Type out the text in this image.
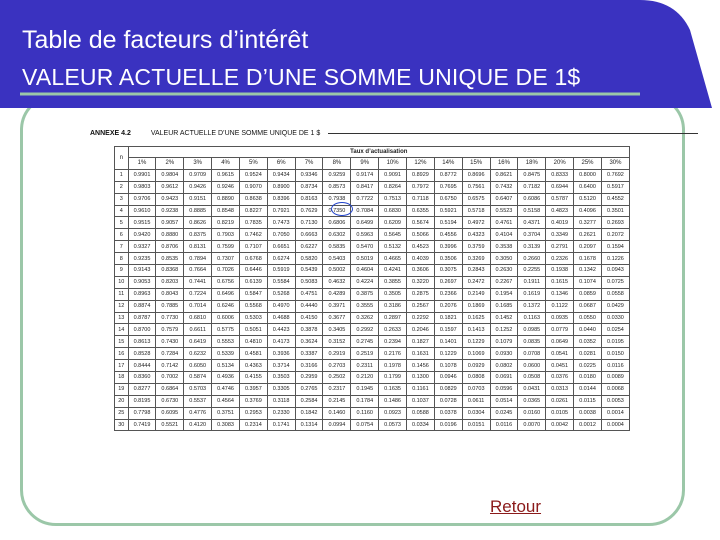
Table de facteurs d’intérêt
VALEUR ACTUELLE D’UNE SOMME UNIQUE DE 1$
ANNEXE 4.2	VALEUR ACTUELLE D’UNE SOMME UNIQUE DE 1 $
n	Taux d’actualisation																	
	1%	2%	3%	4%	5%	6%	7%	8%	9%	10%	12%	14%	15%	16%	18%	20%	25%	30%
1	0.9901	0.9804	0.9709	0.9615	0.9524	0.9434	0.9346	0.9259	0.9174	0.9091	0.8929	0.8772	0.8696	0.8621	0.8475	0.8333	0.8000	0.7692
2	0.9803	0.9612	0.9426	0.9246	0.9070	0.8900	0.8734	0.8573	0.8417	0.8264	0.7972	0.7695	0.7561	0.7432	0.7182	0.6944	0.6400	0.5917
3	0.9706	0.9423	0.9151	0.8890	0.8638	0.8396	0.8163	0.7938	0.7722	0.7513	0.7118	0.6750	0.6575	0.6407	0.6086	0.5787	0.5120	0.4552
4	0.9610	0.9238	0.8885	0.8548	0.8227	0.7921	0.7629	0.7350	0.7084	0.6830	0.6355	0.5921	0.5718	0.5523	0.5158	0.4823	0.4096	0.3501
5	0.9515	0.9057	0.8626	0.8219	0.7835	0.7473	0.7130	0.6806	0.6499	0.6209	0.5674	0.5194	0.4972	0.4761	0.4371	0.4019	0.3277	0.2693
6	0.9420	0.8880	0.8375	0.7903	0.7462	0.7050	0.6663	0.6302	0.5963	0.5645	0.5066	0.4556	0.4323	0.4104	0.3704	0.3349	0.2621	0.2072
7	0.9327	0.8706	0.8131	0.7599	0.7107	0.6651	0.6227	0.5835	0.5470	0.5132	0.4523	0.3996	0.3759	0.3538	0.3139	0.2791	0.2097	0.1594
8	0.9235	0.8535	0.7894	0.7307	0.6768	0.6274	0.5820	0.5403	0.5019	0.4665	0.4039	0.3506	0.3269	0.3050	0.2660	0.2326	0.1678	0.1226
9	0.9143	0.8368	0.7664	0.7026	0.6446	0.5919	0.5439	0.5002	0.4604	0.4241	0.3606	0.3075	0.2843	0.2630	0.2255	0.1938	0.1342	0.0943
10	0.9053	0.8203	0.7441	0.6756	0.6139	0.5584	0.5083	0.4632	0.4224	0.3855	0.3220	0.2697	0.2472	0.2267	0.1911	0.1615	0.1074	0.0725
11	0.8963	0.8043	0.7224	0.6496	0.5847	0.5268	0.4751	0.4289	0.3875	0.3505	0.2875	0.2366	0.2149	0.1954	0.1619	0.1346	0.0859	0.0558
12	0.8874	0.7885	0.7014	0.6246	0.5568	0.4970	0.4440	0.3971	0.3555	0.3186	0.2567	0.2076	0.1869	0.1685	0.1372	0.1122	0.0687	0.0429
13	0.8787	0.7730	0.6810	0.6006	0.5303	0.4688	0.4150	0.3677	0.3262	0.2897	0.2292	0.1821	0.1625	0.1452	0.1163	0.0935	0.0550	0.0330
14	0.8700	0.7579	0.6611	0.5775	0.5051	0.4423	0.3878	0.3405	0.2992	0.2633	0.2046	0.1597	0.1413	0.1252	0.0985	0.0779	0.0440	0.0254
15	0.8613	0.7430	0.6419	0.5553	0.4810	0.4173	0.3624	0.3152	0.2745	0.2394	0.1827	0.1401	0.1229	0.1079	0.0835	0.0649	0.0352	0.0195
16	0.8528	0.7284	0.6232	0.5339	0.4581	0.3936	0.3387	0.2919	0.2519	0.2176	0.1631	0.1229	0.1069	0.0930	0.0708	0.0541	0.0281	0.0150
17	0.8444	0.7142	0.6050	0.5134	0.4363	0.3714	0.3166	0.2703	0.2311	0.1978	0.1456	0.1078	0.0929	0.0802	0.0600	0.0451	0.0225	0.0116
18	0.8360	0.7002	0.5874	0.4936	0.4155	0.3503	0.2959	0.2502	0.2120	0.1799	0.1300	0.0946	0.0808	0.0691	0.0508	0.0376	0.0180	0.0089
19	0.8277	0.6864	0.5703	0.4746	0.3957	0.3305	0.2765	0.2317	0.1945	0.1635	0.1161	0.0829	0.0703	0.0596	0.0431	0.0313	0.0144	0.0068
20	0.8195	0.6730	0.5537	0.4564	0.3769	0.3118	0.2584	0.2145	0.1784	0.1486	0.1037	0.0728	0.0611	0.0514	0.0365	0.0261	0.0115	0.0053
25	0.7798	0.6095	0.4776	0.3751	0.2953	0.2330	0.1842	0.1460	0.1160	0.0923	0.0588	0.0378	0.0304	0.0245	0.0160	0.0105	0.0038	0.0014
30	0.7419	0.5521	0.4120	0.3083	0.2314	0.1741	0.1314	0.0994	0.0754	0.0573	0.0334	0.0196	0.0151	0.0116	0.0070	0.0042	0.0012	0.0004
Retour
